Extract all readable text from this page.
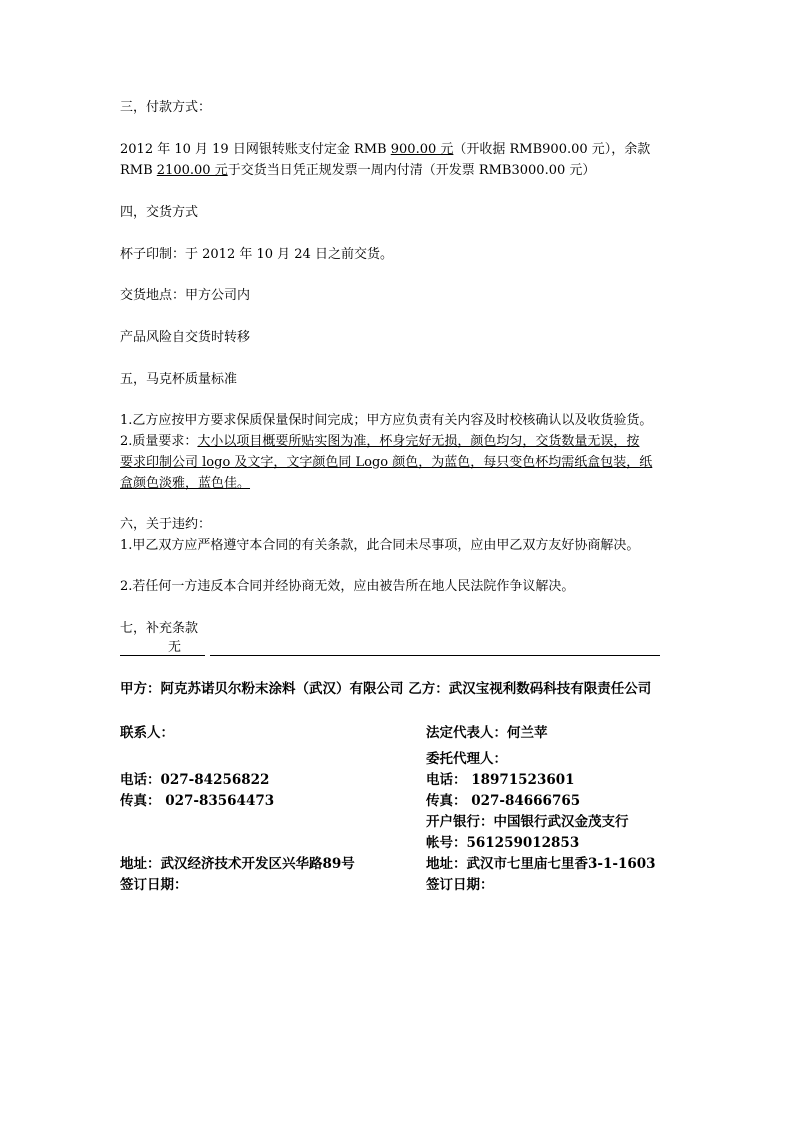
三，付款方式：
2012 年 10 月 19 日网银转账支付定金 RMB 900.00 元（开收据 RMB900.00 元），余款
RMB 2100.00 元于交货当日凭正规发票一周内付清（开发票 RMB3000.00 元）
四，交货方式
杯子印制：于 2012 年 10 月 24 日之前交货。
交货地点：甲方公司内
产品风险自交货时转移
五，马克杯质量标准
1.乙方应按甲方要求保质保量保时间完成；甲方应负责有关内容及时校核确认以及收货验货。
2.质量要求：大小以项目概要所贴实图为准，杯身完好无损，颜色均匀，交货数量无误，按
要求印制公司 logo 及文字，文字颜色同 Logo 颜色，为蓝色，每只变色杯均需纸盒包装，纸
盒颜色淡雅，蓝色佳。
六，关于违约：
1.甲乙双方应严格遵守本合同的有关条款，此合同未尽事项，应由甲乙双方友好协商解决。
2.若任何一方违反本合同并经协商无效，应由被告所在地人民法院作争议解决。
七，补充条款
无
甲方：阿克苏诺贝尔粉末涂料（武汉）有限公司 乙方：武汉宝视利数码科技有限责任公司
联系人：
电话：027-84256822
传真： 027-83564473
地址：武汉经济技术开发区兴华路89号
签订日期：
法定代表人：何兰苹
委托代理人：
电话： 18971523601
传真： 027-84666765
开户银行：中国银行武汉金茂支行
帐号：561259012853
地址：武汉市七里庙七里香3-1-1603
签订日期：
